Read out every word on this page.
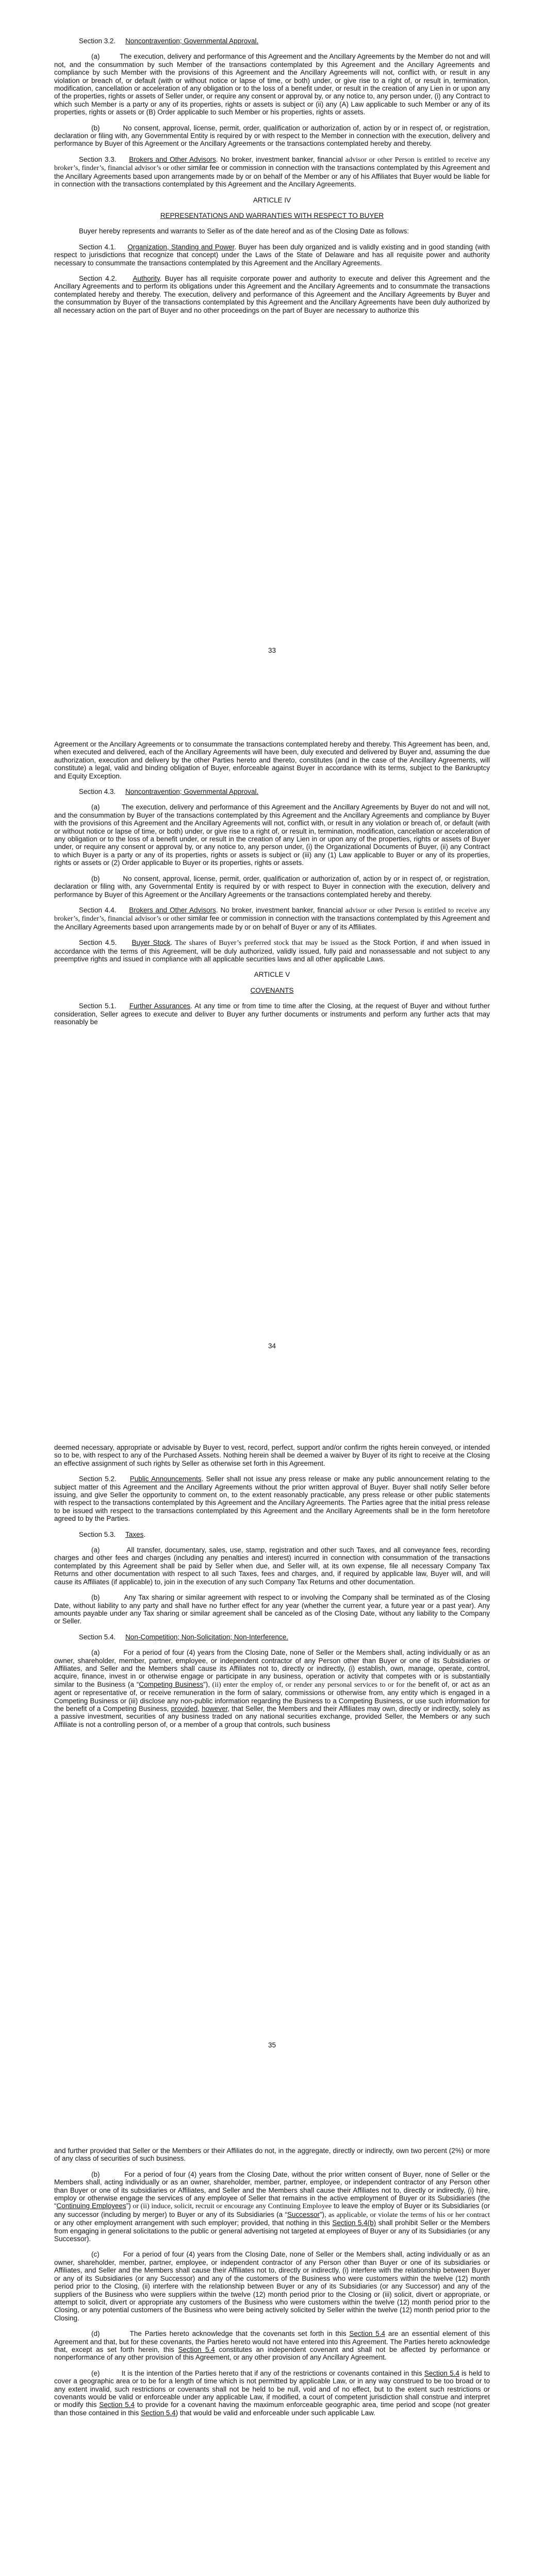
Section 3.2. Noncontravention; Governmental Approval.

(a)	The execution, delivery and performance of this Agreement and the Ancillary Agreements by the Member do not and will not, and the consummation by such Member of the transactions contemplated by this Agreement and the Ancillary Agreements and compliance by such Member with the provisions of this Agreement and the Ancillary Agreements will not, conflict with, or result in any violation or breach of, or default (with or without notice or lapse of time, or both) under, or give rise to a right of, or result in, termination, modification, cancellation or acceleration of any obligation or to the loss of a benefit under, or result in the creation of any Lien in or upon any of the properties, rights or assets of Seller under, or require any consent or approval by, or any notice to, any person under, (i) any Contract to which such Member is a party or any of its properties, rights or assets is subject or (ii) any (A) Law applicable to such Member or any of its properties, rights or assets or (B) Order applicable to such Member or his properties, rights or assets.

(b)	No consent, approval, license, permit, order, qualification or authorization of, action by or in respect of, or registration, declaration or filing with, any Governmental Entity is required by or with respect to the Member in connection with the execution, delivery and performance by Buyer of this Agreement or the Ancillary Agreements or the transactions contemplated hereby and thereby.

Section 3.3. Brokers and Other Advisors. No broker, investment banker, financial advisor or other Person is entitled to receive any broker’s, finder’s, financial advisor’s or other similar fee or commission in connection with the transactions contemplated by this Agreement and the Ancillary Agreements based upon arrangements made by or on behalf of the Member or any of his Affiliates that Buyer would be liable for in connection with the transactions contemplated by this Agreement and the Ancillary Agreements.

ARTICLE IV

REPRESENTATIONS AND WARRANTIES WITH RESPECT TO BUYER

Buyer hereby represents and warrants to Seller as of the date hereof and as of the Closing Date as follows:

Section 4.1. Organization, Standing and Power. Buyer has been duly organized and is validly existing and in good standing (with respect to jurisdictions that recognize that concept) under the Laws of the State of Delaware and has all requisite power and authority necessary to consummate the transactions contemplated by this Agreement and the Ancillary Agreements.

Section 4.2. Authority. Buyer has all requisite corporate power and authority to execute and deliver this Agreement and the Ancillary Agreements and to perform its obligations under this Agreement and the Ancillary Agreements and to consummate the transactions contemplated hereby and thereby. The execution, delivery and performance of this Agreement and the Ancillary Agreements by Buyer and the consummation by Buyer of the transactions contemplated by this Agreement and the Ancillary Agreements have been duly authorized by all necessary action on the part of Buyer and no other proceedings on the part of Buyer are necessary to authorize this

33

Agreement or the Ancillary Agreements or to consummate the transactions contemplated hereby and thereby. This Agreement has been, and, when executed and delivered, each of the Ancillary Agreements will have been, duly executed and delivered by Buyer and, assuming the due authorization, execution and delivery by the other Parties hereto and thereto, constitutes (and in the case of the Ancillary Agreements, will constitute) a legal, valid and binding obligation of Buyer, enforceable against Buyer in accordance with its terms, subject to the Bankruptcy and Equity Exception.

Section 4.3. Noncontravention; Governmental Approval.

(a)	The execution, delivery and performance of this Agreement and the Ancillary Agreements by Buyer do not and will not, and the consummation by Buyer of the transactions contemplated by this Agreement and the Ancillary Agreements and compliance by Buyer with the provisions of this Agreement and the Ancillary Agreements will not, conflict with, or result in any violation or breach of, or default (with or without notice or lapse of time, or both) under, or give rise to a right of, or result in, termination, modification, cancellation or acceleration of any obligation or to the loss of a benefit under, or result in the creation of any Lien in or upon any of the properties, rights or assets of Buyer under, or require any consent or approval by, or any notice to, any person under, (i) the Organizational Documents of Buyer, (ii) any Contract to which Buyer is a party or any of its properties, rights or assets is subject or (iii) any (1) Law applicable to Buyer or any of its properties, rights or assets or (2) Order applicable to Buyer or its properties, rights or assets.

(b)	No consent, approval, license, permit, order, qualification or authorization of, action by or in respect of, or registration, declaration or filing with, any Governmental Entity is required by or with respect to Buyer in connection with the execution, delivery and performance by Buyer of this Agreement or the Ancillary Agreements or the transactions contemplated hereby and thereby.

Section 4.4. Brokers and Other Advisors. No broker, investment banker, financial advisor or other Person is entitled to receive any broker’s, finder’s, financial advisor’s or other similar fee or commission in connection with the transactions contemplated by this Agreement and the Ancillary Agreements based upon arrangements made by or on behalf of Buyer or any of its Affiliates.

Section 4.5. Buyer Stock. The shares of Buyer’s preferred stock that may be issued as the Stock Portion, if and when issued in accordance with the terms of this Agreement, will be duly authorized, validly issued, fully paid and nonassessable and not subject to any preemptive rights and issued in compliance with all applicable securities laws and all other applicable Laws.

ARTICLE V

COVENANTS

Section 5.1. Further Assurances. At any time or from time to time after the Closing, at the request of Buyer and without further consideration, Seller agrees to execute and deliver to Buyer any further documents or instruments and perform any further acts that may reasonably be

34

deemed necessary, appropriate or advisable by Buyer to vest, record, perfect, support and/or confirm the rights herein conveyed, or intended so to be, with respect to any of the Purchased Assets. Nothing herein shall be deemed a waiver by Buyer of its right to receive at the Closing an effective assignment of such rights by Seller as otherwise set forth in this Agreement.

Section 5.2. Public Announcements. Seller shall not issue any press release or make any public announcement relating to the subject matter of this Agreement and the Ancillary Agreements without the prior written approval of Buyer. Buyer shall notify Seller before issuing, and give Seller the opportunity to comment on, to the extent reasonably practicable, any press release or other public statements with respect to the transactions contemplated by this Agreement and the Ancillary Agreements. The Parties agree that the initial press release to be issued with respect to the transactions contemplated by this Agreement and the Ancillary Agreements shall be in the form heretofore agreed to by the Parties.

Section 5.3. Taxes.

(a)	All transfer, documentary, sales, use, stamp, registration and other such Taxes, and all conveyance fees, recording charges and other fees and charges (including any penalties and interest) incurred in connection with consummation of the transactions contemplated by this Agreement shall be paid by Seller when due, and Seller will, at its own expense, file all necessary Company Tax Returns and other documentation with respect to all such Taxes, fees and charges, and, if required by applicable law, Buyer will, and will cause its Affiliates (if applicable) to, join in the execution of any such Company Tax Returns and other documentation.

(b)	Any Tax sharing or similar agreement with respect to or involving the Company shall be terminated as of the Closing Date, without liability to any party and shall have no further effect for any year (whether the current year, a future year or a past year). Any amounts payable under any Tax sharing or similar agreement shall be canceled as of the Closing Date, without any liability to the Company or Seller.

Section 5.4. Non-Competition; Non-Solicitation; Non-Interference.

(a)	For a period of four (4) years from the Closing Date, none of Seller or the Members shall, acting individually or as an owner, shareholder, member, partner, employee, or independent contractor of any Person other than Buyer or one of its Subsidiaries or Affiliates, and Seller and the Members shall cause its Affiliates not to, directly or indirectly, (i) establish, own, manage, operate, control, acquire, finance, invest in or otherwise engage or participate in any business, operation or activity that competes with or is substantially similar to the Business (a “Competing Business”), (ii) enter the employ of, or render any personal services to or for the benefit of, or act as an agent or representative of, or receive remuneration in the form of salary, commissions or otherwise from, any entity which is engaged in a Competing Business or (iii) disclose any non-public information regarding the Business to a Competing Business, or use such information for the benefit of a Competing Business, provided, however, that Seller, the Members and their Affiliates may own, directly or indirectly, solely as a passive investment, securities of any business traded on any national securities exchange, provided Seller, the Members or any such Affiliate is not a controlling person of, or a member of a group that controls, such business

35

and further provided that Seller or the Members or their Affiliates do not, in the aggregate, directly or indirectly, own two percent (2%) or more of any class of securities of such business.

(b)	For a period of four (4) years from the Closing Date, without the prior written consent of Buyer, none of Seller or the Members shall, acting individually or as an owner, shareholder, member, partner, employee, or independent contractor of any Person other than Buyer or one of its subsidiaries or Affiliates, and Seller and the Members shall cause their Affiliates not to, directly or indirectly, (i) hire, employ or otherwise engage the services of any employee of Seller that remains in the active employment of Buyer or its Subsidiaries (the “Continuing Employees”) or (ii) induce, solicit, recruit or encourage any Continuing Employee to leave the employ of Buyer or its Subsidiaries (or any successor (including by merger) to Buyer or any of its Subsidiaries (a “Successor”), as applicable, or violate the terms of his or her contract or any other employment arrangement with such employer; provided, that nothing in this Section 5.4(b) shall prohibit Seller or the Members from engaging in general solicitations to the public or general advertising not targeted at employees of Buyer or any of its Subsidiaries (or any Successor).

(c)	For a period of four (4) years from the Closing Date, none of Seller or the Members shall, acting individually or as an owner, shareholder, member, partner, employee, or independent contractor of any Person other than Buyer or one of its subsidiaries or Affiliates, and Seller and the Members shall cause their Affiliates not to, directly or indirectly, (i) interfere with the relationship between Buyer or any of its Subsidiaries (or any Successor) and any of the customers of the Business who were customers within the twelve (12) month period prior to the Closing, (ii) interfere with the relationship between Buyer or any of its Subsidiaries (or any Successor) and any of the suppliers of the Business who were suppliers within the twelve (12) month period prior to the Closing or (iii) solicit, divert or appropriate, or attempt to solicit, divert or appropriate any customers of the Business who were customers within the twelve (12) month period prior to the Closing, or any potential customers of the Business who were being actively solicited by Seller within the twelve (12) month period prior to the Closing.

(d)	The Parties hereto acknowledge that the covenants set forth in this Section 5.4 are an essential element of this Agreement and that, but for these covenants, the Parties hereto would not have entered into this Agreement. The Parties hereto acknowledge that, except as set forth herein, this Section 5.4 constitutes an independent covenant and shall not be affected by performance or nonperformance of any other provision of this Agreement, or any other provision of any Ancillary Agreement.

(e)	It is the intention of the Parties hereto that if any of the restrictions or covenants contained in this Section 5.4 is held to cover a geographic area or to be for a length of time which is not permitted by applicable Law, or in any way construed to be too broad or to any extent invalid, such restrictions or covenants shall not be held to be null, void and of no effect, but to the extent such restrictions or covenants would be valid or enforceable under any applicable Law, if modified, a court of competent jurisdiction shall construe and interpret or modify this Section 5.4 to provide for a covenant having the maximum enforceable geographic area, time period and scope (not greater than those contained in this Section 5.4) that would be valid and enforceable under such applicable Law.
